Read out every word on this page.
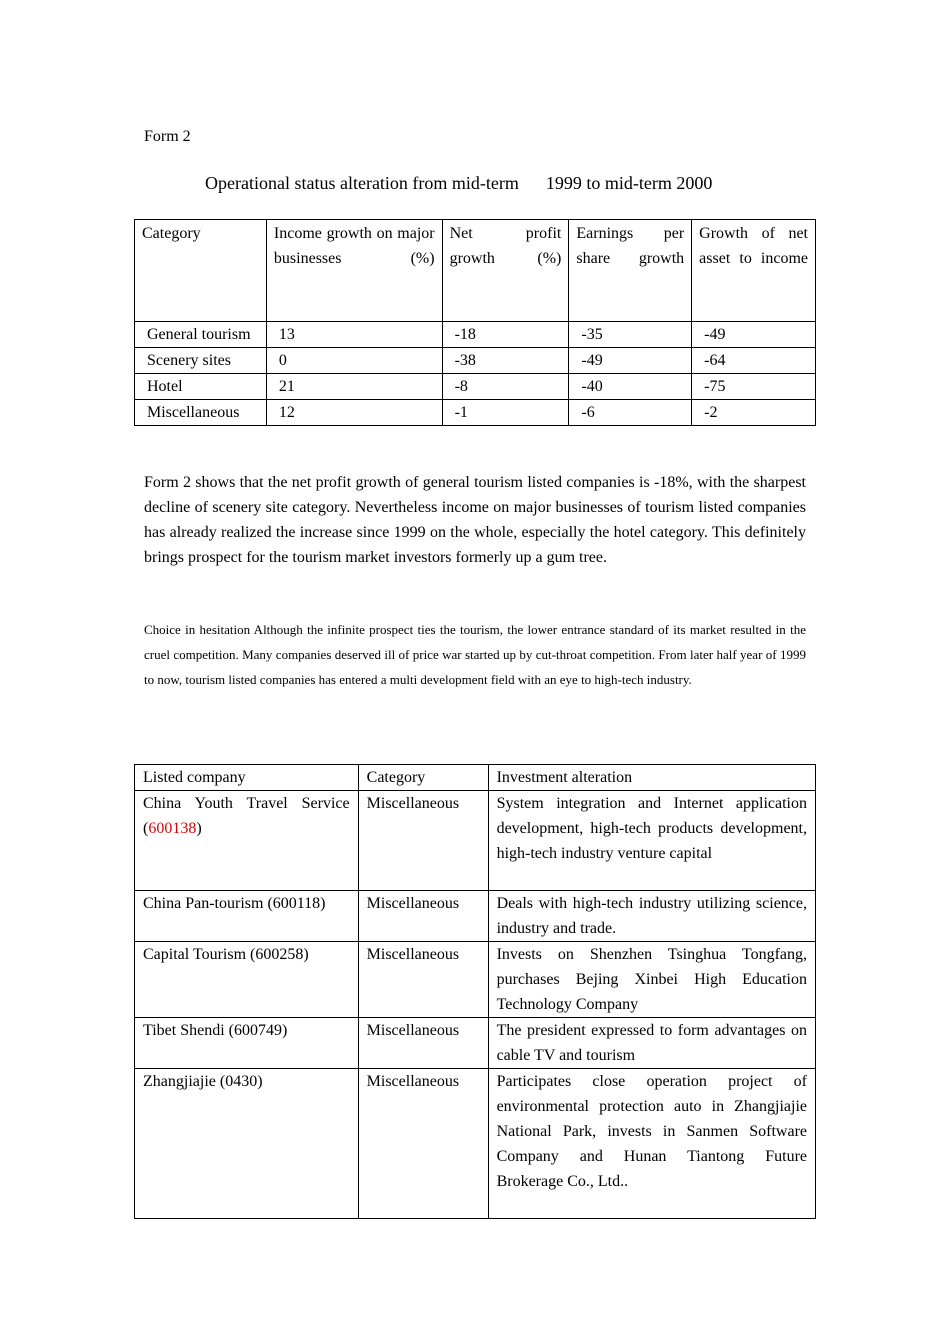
Form 2
Operational status alteration from mid-term      1999 to mid-term 2000
Category	Income growth on major businesses (%)	Net profit growth (%)	Earnings per share growth	Growth of net asset to income
General tourism	13	-18	-35	-49
Scenery sites	0	-38	-49	-64
Hotel	21	-8	-40	-75
Miscellaneous	12	-1	-6	-2

Form 2 shows that the net profit growth of general tourism listed companies is -18%, with the sharpest decline of scenery site category. Nevertheless income on major businesses of tourism listed companies has already realized the increase since 1999 on the whole, especially the hotel category. This definitely brings prospect for the tourism market investors formerly up a gum tree.

Choice in hesitation Although the infinite prospect ties the tourism, the lower entrance standard of its market resulted in the cruel competition. Many companies deserved ill of price war started up by cut-throat competition. From later half year of 1999 to now, tourism listed companies has entered a multi development field with an eye to high-tech industry.

Listed company	Category	Investment alteration
China Youth Travel Service (600138)	Miscellaneous	System integration and Internet application development, high-tech products development, high-tech industry venture capital
China Pan-tourism (600118)	Miscellaneous	Deals with high-tech industry utilizing science, industry and trade.
Capital Tourism (600258)	Miscellaneous	Invests on Shenzhen Tsinghua Tongfang, purchases Bejing Xinbei High Education Technology Company
Tibet Shendi (600749)	Miscellaneous	The president expressed to form advantages on cable TV and tourism
Zhangjiajie (0430)	Miscellaneous	Participates close operation project of environmental protection auto in Zhangjiajie National Park, invests in Sanmen Software Company and Hunan Tiantong Future Brokerage Co., Ltd..
